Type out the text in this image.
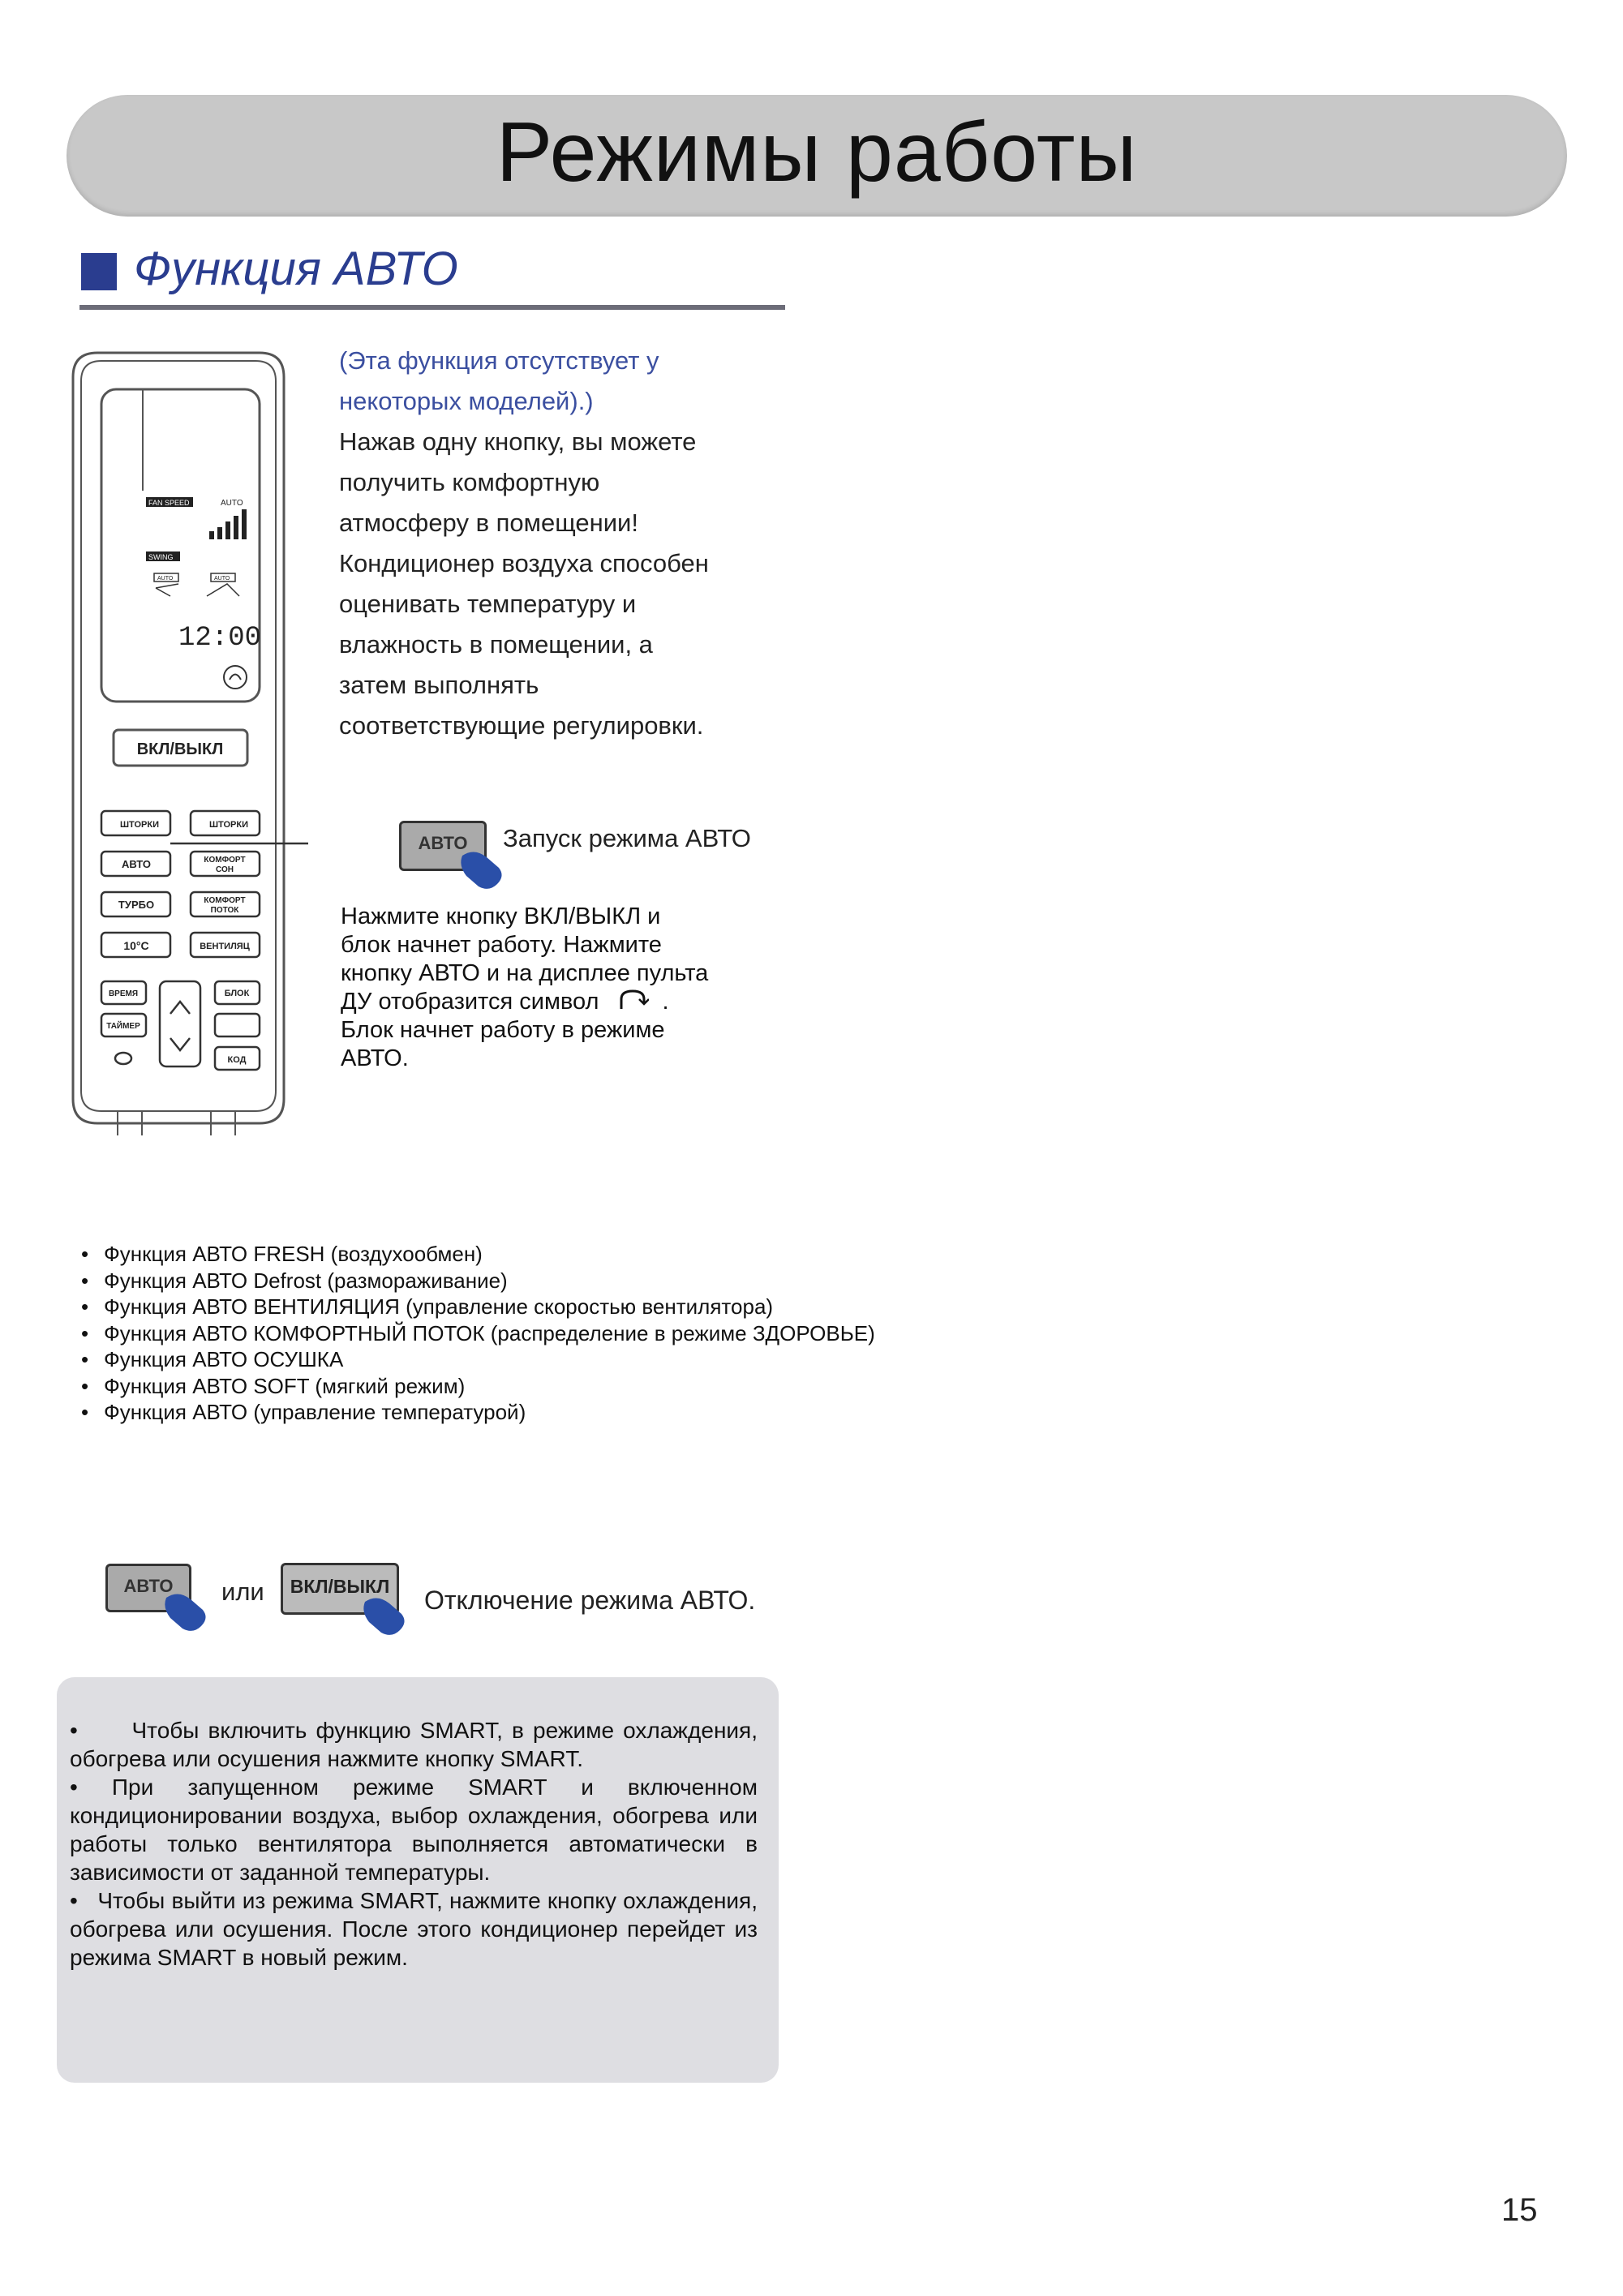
Режимы работы
Функция АВТО
FAN SPEED	AUTO
SWING
AUTO	AUTO
12:00
ВКЛ/ВЫКЛ
ШТОРКИ	ШТОРКИ
АВТО	КОМФОРТ
СОН
ТУРБО	КОМФОРТ
ПОТОК
10°C	ВЕНТИЛЯЦ
ВРЕМЯ
ТАЙМЕР
БЛОК
КОД
(Эта функция отсутствует у
некоторых моделей).)
Нажав одну кнопку, вы можете
получить комфортную
атмосферу в помещении!
Кондиционер воздуха способен
оценивать температуру и
влажность в помещении, а
затем выполнять
соответствующие регулировки.
АВТО	Запуск режима АВТО
Нажмите кнопку ВКЛ/ВЫКЛ и
блок начнет работу. Нажмите
кнопку АВТО и на дисплее пульта
ДУ отобразится символ	.
Блок начнет работу в режиме
АВТО.
• Функция АВТО FRESH (воздухообмен)
• Функция АВТО Defrost (размораживание)
• Функция АВТО ВЕНТИЛЯЦИЯ (управление скоростью вентилятора)
• Функция АВТО КОМФОРТНЫЙ ПОТОК (распределение в режиме ЗДОРОВЬЕ)
• Функция АВТО ОСУШКА
• Функция АВТО SOFT (мягкий режим)
• Функция АВТО (управление температурой)
АВТО	или	ВКЛ/ВЫКЛ	Отключение режима АВТО.

•      Чтобы включить функцию SMART, в режиме охлаждения, обогрева или осушения нажмите кнопку SMART.

• При запущенном режиме SMART и включенном кондиционировании воздуха, выбор охлаждения, обогрева или работы только вентилятора выполняется автоматически в зависимости от заданной температуры.

•   Чтобы выйти из режима SMART, нажмите кнопку охлаждения, обогрева или осушения. После этого кондиционер перейдет из режима SMART в новый режим.

15
